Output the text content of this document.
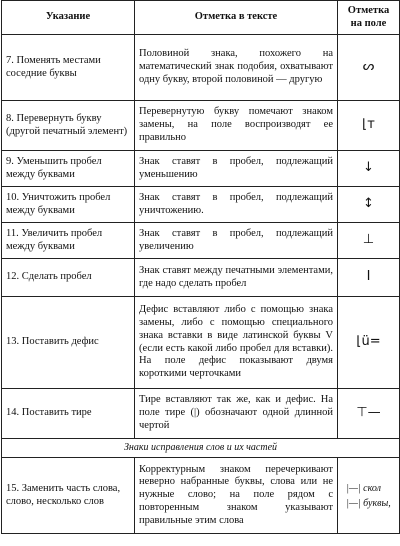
Указание	Отметка в тексте	Отметка на поле
7. Поменять местами соседние буквы	Половиной знака, похожего на математический знак подобия, охватывают одну букву, второй половиной — другую	ᔕ
8. Перевернуть букву (другой печатный элемент)	Перевернутую букву помечают знаком замены, на поле воспроизводят ее правильно	⌊т
9. Уменьшить пробел между буквами	Знак ставят в пробел, подлежащий уменьшению	↓
10. Уничтожить пробел между буквами	Знак ставят в пробел, подлежащий уничтожению.	↕
11. Увеличить пробел между буквами	Знак ставят в пробел, подлежащий увеличению	⊥
12. Сделать пробел	Знак ставят между печатными элементами, где надо сделать пробел	I
13. Поставить дефис	Дефис вставляют либо с помощью знака замены, либо с помощью специального знака вставки в виде латинской буквы V (если есть какой либо пробел для вставки). На поле дефис показывают двумя короткими черточками	⌊ü=
14. Поставить тире	Тире вставляют так же, как и дефис. На поле тире (|) обозначают одной длинной чертой	⊤—
Знаки исправления слов и их частей		
15. Заменить часть слова, слово, несколько слов	Корректурным знаком перечеркивают неверно набранные буквы, слова или не нужные слово; на поле рядом с повторенным знаком указывают правильные этим слова	|—| скол
|—| буквы,
